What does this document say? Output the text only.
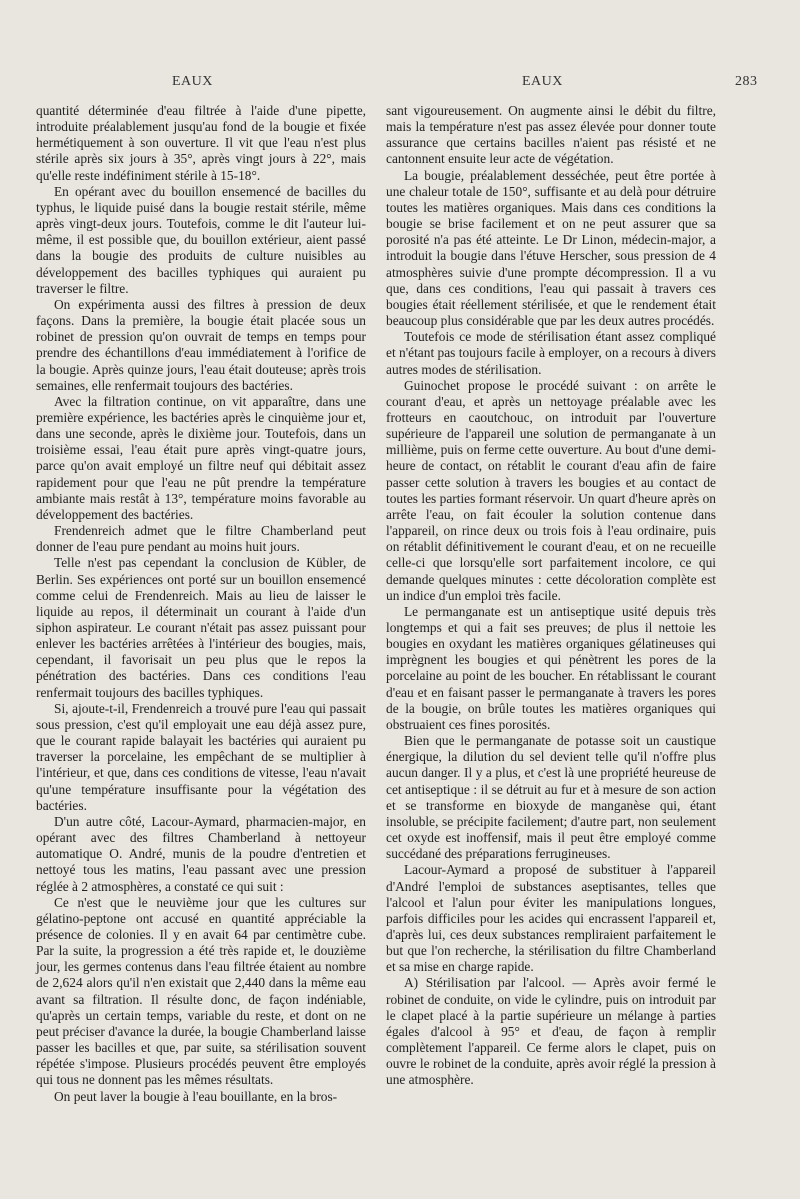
EAUX	EAUX	283

quantité déterminée d'eau filtrée à l'aide d'une pipette, introduite préalablement jusqu'au fond de la bougie et fixée hermétiquement à son ouverture. Il vit que l'eau n'est plus stérile après six jours à 35°, après vingt jours à 22°, mais qu'elle reste indéfiniment stérile à 15-18°.

En opérant avec du bouillon ensemencé de bacilles du typhus, le liquide puisé dans la bougie restait stérile, même après vingt-deux jours. Toutefois, comme le dit l'auteur lui-même, il est possible que, du bouillon extérieur, aient passé dans la bougie des produits de culture nuisibles au développement des bacilles typhiques qui auraient pu traverser le filtre.

On expérimenta aussi des filtres à pression de deux façons. Dans la première, la bougie était placée sous un robinet de pression qu'on ouvrait de temps en temps pour prendre des échantillons d'eau immédiatement à l'orifice de la bougie. Après quinze jours, l'eau était douteuse; après trois semaines, elle renfermait toujours des bactéries.

Avec la filtration continue, on vit apparaître, dans une première expérience, les bactéries après le cinquième jour et, dans une seconde, après le dixième jour. Toutefois, dans un troisième essai, l'eau était pure après vingt-quatre jours, parce qu'on avait employé un filtre neuf qui débitait assez rapidement pour que l'eau ne pût prendre la température ambiante mais restât à 13°, température moins favorable au développement des bactéries.

Frendenreich admet que le filtre Chamberland peut donner de l'eau pure pendant au moins huit jours.

Telle n'est pas cependant la conclusion de Kübler, de Berlin. Ses expériences ont porté sur un bouillon ensemencé comme celui de Frendenreich. Mais au lieu de laisser le liquide au repos, il déterminait un courant à l'aide d'un siphon aspirateur. Le courant n'était pas assez puissant pour enlever les bactéries arrêtées à l'intérieur des bougies, mais, cependant, il favorisait un peu plus que le repos la pénétration des bactéries. Dans ces conditions l'eau renfermait toujours des bacilles typhiques.

Si, ajoute-t-il, Frendenreich a trouvé pure l'eau qui passait sous pression, c'est qu'il employait une eau déjà assez pure, que le courant rapide balayait les bactéries qui auraient pu traverser la porcelaine, les empêchant de se multiplier à l'intérieur, et que, dans ces conditions de vitesse, l'eau n'avait qu'une température insuffisante pour la végétation des bactéries.

D'un autre côté, Lacour-Aymard, pharmacien-major, en opérant avec des filtres Chamberland à nettoyeur automatique O. André, munis de la poudre d'entretien et nettoyé tous les matins, l'eau passant avec une pression réglée à 2 atmosphères, a constaté ce qui suit :

Ce n'est que le neuvième jour que les cultures sur gélatino-peptone ont accusé en quantité appréciable la présence de colonies. Il y en avait 64 par centimètre cube. Par la suite, la progression a été très rapide et, le douzième jour, les germes contenus dans l'eau filtrée étaient au nombre de 2,624 alors qu'il n'en existait que 2,440 dans la même eau avant sa filtration. Il résulte donc, de façon indéniable, qu'après un certain temps, variable du reste, et dont on ne peut préciser d'avance la durée, la bougie Chamberland laisse passer les bacilles et que, par suite, sa stérilisation souvent répétée s'impose. Plusieurs procédés peuvent être employés qui tous ne donnent pas les mêmes résultats.

On peut laver la bougie à l'eau bouillante, en la bros-

sant vigoureusement. On augmente ainsi le débit du filtre, mais la température n'est pas assez élevée pour donner toute assurance que certains bacilles n'aient pas résisté et ne cantonnent ensuite leur acte de végétation.

La bougie, préalablement desséchée, peut être portée à une chaleur totale de 150°, suffisante et au delà pour détruire toutes les matières organiques. Mais dans ces conditions la bougie se brise facilement et on ne peut assurer que sa porosité n'a pas été atteinte. Le Dr Linon, médecin-major, a introduit la bougie dans l'étuve Herscher, sous pression de 4 atmosphères suivie d'une prompte décompression. Il a vu que, dans ces conditions, l'eau qui passait à travers ces bougies était réellement stérilisée, et que le rendement était beaucoup plus considérable que par les deux autres procédés.

Toutefois ce mode de stérilisation étant assez compliqué et n'étant pas toujours facile à employer, on a recours à divers autres modes de stérilisation.

Guinochet propose le procédé suivant : on arrête le courant d'eau, et après un nettoyage préalable avec les frotteurs en caoutchouc, on introduit par l'ouverture supérieure de l'appareil une solution de permanganate à un millième, puis on ferme cette ouverture. Au bout d'une demi-heure de contact, on rétablit le courant d'eau afin de faire passer cette solution à travers les bougies et au contact de toutes les parties formant réservoir. Un quart d'heure après on arrête l'eau, on fait écouler la solution contenue dans l'appareil, on rince deux ou trois fois à l'eau ordinaire, puis on rétablit définitivement le courant d'eau, et on ne recueille celle-ci que lorsqu'elle sort parfaitement incolore, ce qui demande quelques minutes : cette décoloration complète est un indice d'un emploi très facile.

Le permanganate est un antiseptique usité depuis très longtemps et qui a fait ses preuves; de plus il nettoie les bougies en oxydant les matières organiques gélatineuses qui imprègnent les bougies et qui pénètrent les pores de la porcelaine au point de les boucher. En rétablissant le courant d'eau et en faisant passer le permanganate à travers les pores de la bougie, on brûle toutes les matières organiques qui obstruaient ces fines porosités.

Bien que le permanganate de potasse soit un caustique énergique, la dilution du sel devient telle qu'il n'offre plus aucun danger. Il y a plus, et c'est là une propriété heureuse de cet antiseptique : il se détruit au fur et à mesure de son action et se transforme en bioxyde de manganèse qui, étant insoluble, se précipite facilement; d'autre part, non seulement cet oxyde est inoffensif, mais il peut être employé comme succédané des préparations ferrugineuses.

Lacour-Aymard a proposé de substituer à l'appareil d'André l'emploi de substances aseptisantes, telles que l'alcool et l'alun pour éviter les manipulations longues, parfois difficiles pour les acides qui encrassent l'appareil et, d'après lui, ces deux substances rempliraient parfaitement le but que l'on recherche, la stérilisation du filtre Chamberland et sa mise en charge rapide.

A) Stérilisation par l'alcool. — Après avoir fermé le robinet de conduite, on vide le cylindre, puis on introduit par le clapet placé à la partie supérieure un mélange à parties égales d'alcool à 95° et d'eau, de façon à remplir complètement l'appareil. Ce ferme alors le clapet, puis on ouvre le robinet de la conduite, après avoir réglé la pression à une atmosphère.
